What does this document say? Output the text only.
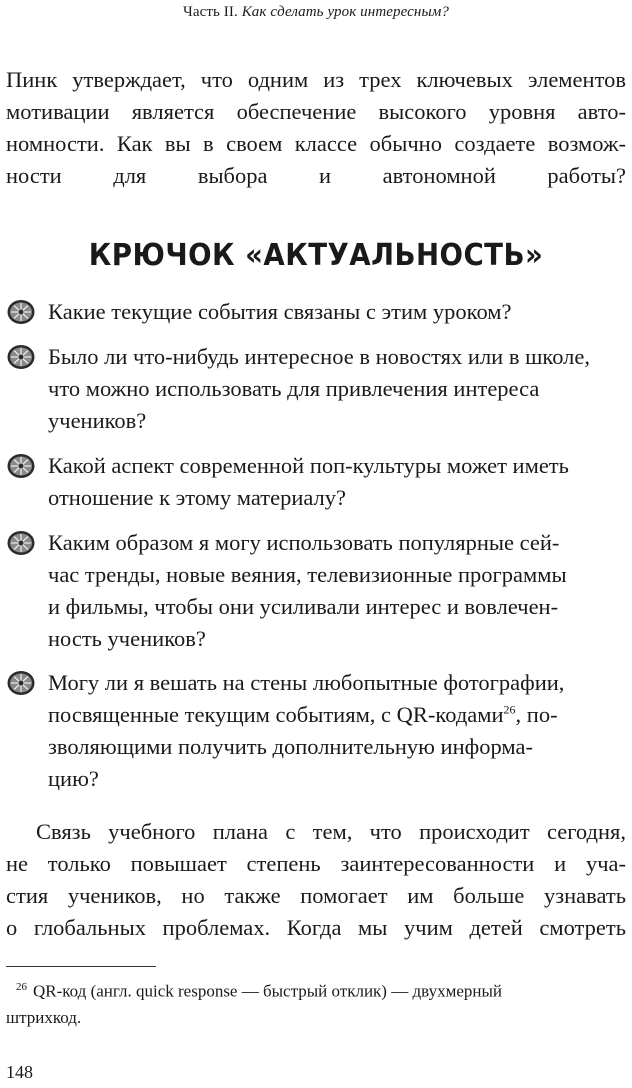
Часть II. Как сделать урок интересным?
Пинк утверждает, что одним из трех ключевых элементов
мотивации является обеспечение высокого уровня авто-
номности. Как вы в своем классе обычно создаете возмож-
ности для выбора и автономной работы?
КРЮЧОК «АКТУАЛЬНОСТЬ»
Какие текущие события связаны с этим уроком?
Было ли что-нибудь интересное в новостях или в школе,
что можно использовать для привлечения интереса
учеников?
Какой аспект современной поп-культуры может иметь
отношение к этому материалу?
Каким образом я могу использовать популярные сей-
час тренды, новые веяния, телевизионные программы
и фильмы, чтобы они усиливали интерес и вовлечен-
ность учеников?
Могу ли я вешать на стены любопытные фотографии,
посвященные текущим событиям, с QR-кодами$^{26}$, по-
зволяющими получить дополнительную информа-
цию?
Связь учебного плана с тем, что происходит сегодня,
не только повышает степень заинтересованности и уча-
стия учеников, но также помогает им больше узнавать
о глобальных проблемах. Когда мы учим детей смотреть
$^{26}$ QR-код (англ. quick response — быстрый отклик) — двухмерный
штрихкод.
148
